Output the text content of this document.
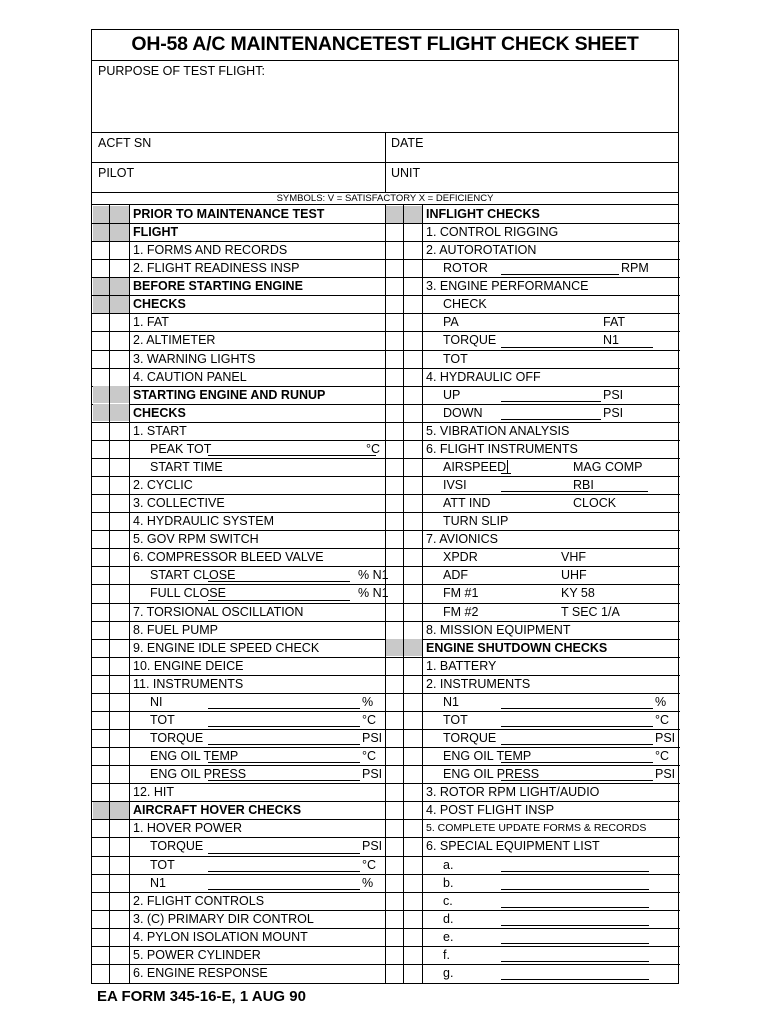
OH-58 A/C MAINTENANCETEST FLIGHT CHECK SHEET
PURPOSE OF TEST FLIGHT:
ACFT SN	DATE
PILOT	UNIT
SYMBOLS: V = SATISFACTORY X = DEFICIENCY
PRIOR TO MAINTENANCE TEST
FLIGHT
1. FORMS AND RECORDS
2. FLIGHT READINESS INSP
BEFORE STARTING ENGINE
CHECKS
1. FAT
2. ALTIMETER
3. WARNING LIGHTS
4. CAUTION PANEL
STARTING ENGINE AND RUNUP
CHECKS
1. START
PEAK TOT	°C
START TIME
2. CYCLIC
3. COLLECTIVE
4. HYDRAULIC SYSTEM
5. GOV RPM SWITCH
6. COMPRESSOR BLEED VALVE
START CLOSE	% N1
FULL CLOSE	% N1
7. TORSIONAL OSCILLATION
8. FUEL PUMP
9. ENGINE IDLE SPEED CHECK
10. ENGINE DEICE
11. INSTRUMENTS
NI	%
TOT	°C
TORQUE	PSI
ENG OIL TEMP	°C
ENG OIL PRESS	PSI
12. HIT
AIRCRAFT HOVER CHECKS
1. HOVER POWER
TORQUE	PSI
TOT	°C
N1	%
2. FLIGHT CONTROLS
3. (C) PRIMARY DIR CONTROL
4. PYLON ISOLATION MOUNT
5. POWER CYLINDER
6. ENGINE RESPONSE
INFLIGHT CHECKS
1. CONTROL RIGGING
2. AUTOROTATION
ROTOR	RPM
3. ENGINE PERFORMANCE
CHECK
PA	FAT
TORQUE	N1
TOT
4. HYDRAULIC OFF
UP	PSI
DOWN	PSI
5. VIBRATION ANALYSIS
6. FLIGHT INSTRUMENTS
AIRSPEED	MAG COMP
IVSI	RBI
ATT IND	CLOCK
TURN SLIP
7. AVIONICS
XPDR	VHF
ADF	UHF
FM #1	KY 58
FM #2	T SEC 1/A
8. MISSION EQUIPMENT
ENGINE SHUTDOWN CHECKS
1. BATTERY
2. INSTRUMENTS
N1	%
TOT	°C
TORQUE	PSI
ENG OIL TEMP	°C
ENG OIL PRESS	PSI
3. ROTOR RPM LIGHT/AUDIO
4. POST FLIGHT INSP
5. COMPLETE UPDATE FORMS & RECORDS
6. SPECIAL EQUIPMENT LIST
a.
b.
c.
d.
e.
f.
g.
EA FORM 345-16-E, 1 AUG 90
